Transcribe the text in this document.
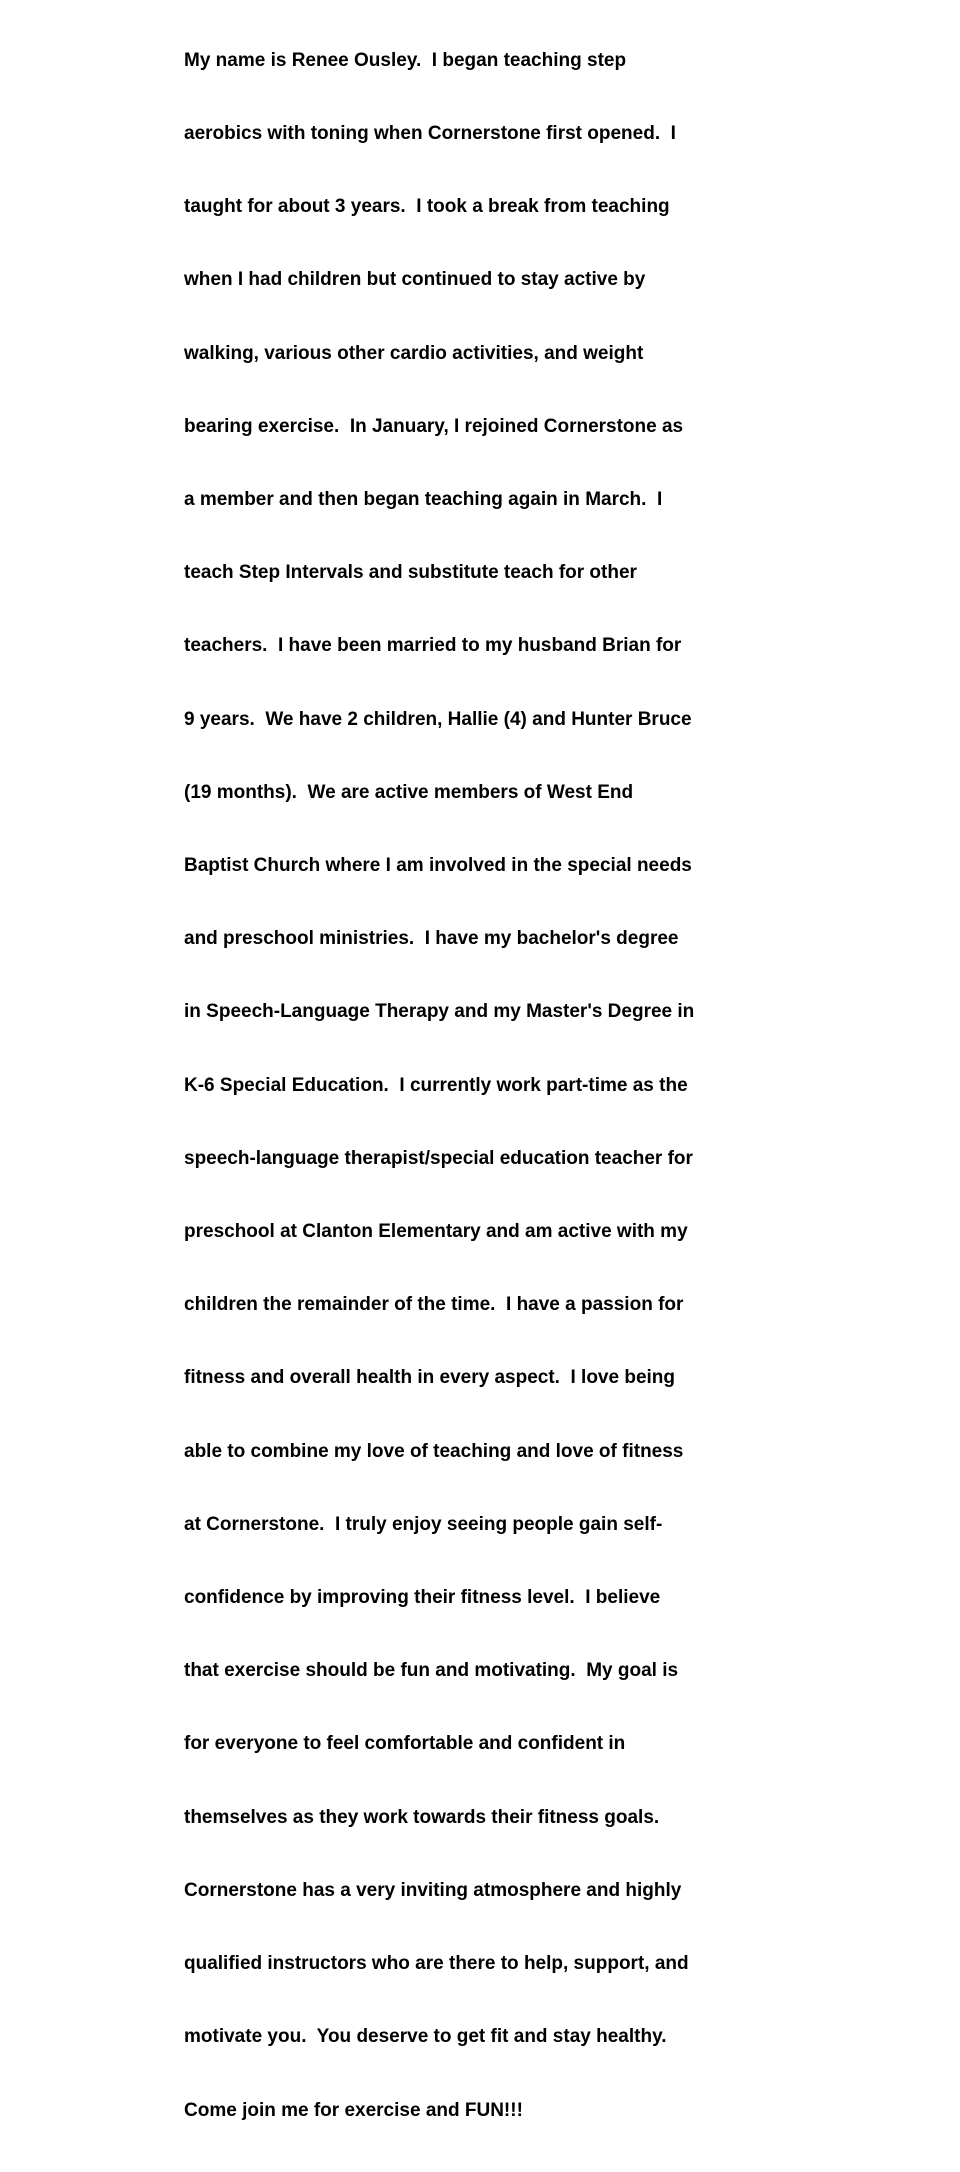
My name is Renee Ousley.  I began teaching step

aerobics with toning when Cornerstone first opened.  I

taught for about 3 years.  I took a break from teaching

when I had children but continued to stay active by

walking, various other cardio activities, and weight

bearing exercise.  In January, I rejoined Cornerstone as

a member and then began teaching again in March.  I

teach Step Intervals and substitute teach for other

teachers.  I have been married to my husband Brian for

9 years.  We have 2 children, Hallie (4) and Hunter Bruce

(19 months).  We are active members of West End

Baptist Church where I am involved in the special needs

and preschool ministries.  I have my bachelor's degree

in Speech-Language Therapy and my Master's Degree in

K-6 Special Education.  I currently work part-time as the

speech-language therapist/special education teacher for

preschool at Clanton Elementary and am active with my

children the remainder of the time.  I have a passion for

fitness and overall health in every aspect.  I love being

able to combine my love of teaching and love of fitness

at Cornerstone.  I truly enjoy seeing people gain self-

confidence by improving their fitness level.  I believe

that exercise should be fun and motivating.  My goal is

for everyone to feel comfortable and confident in

themselves as they work towards their fitness goals.

Cornerstone has a very inviting atmosphere and highly

qualified instructors who are there to help, support, and

motivate you.  You deserve to get fit and stay healthy.

Come join me for exercise and FUN!!!
